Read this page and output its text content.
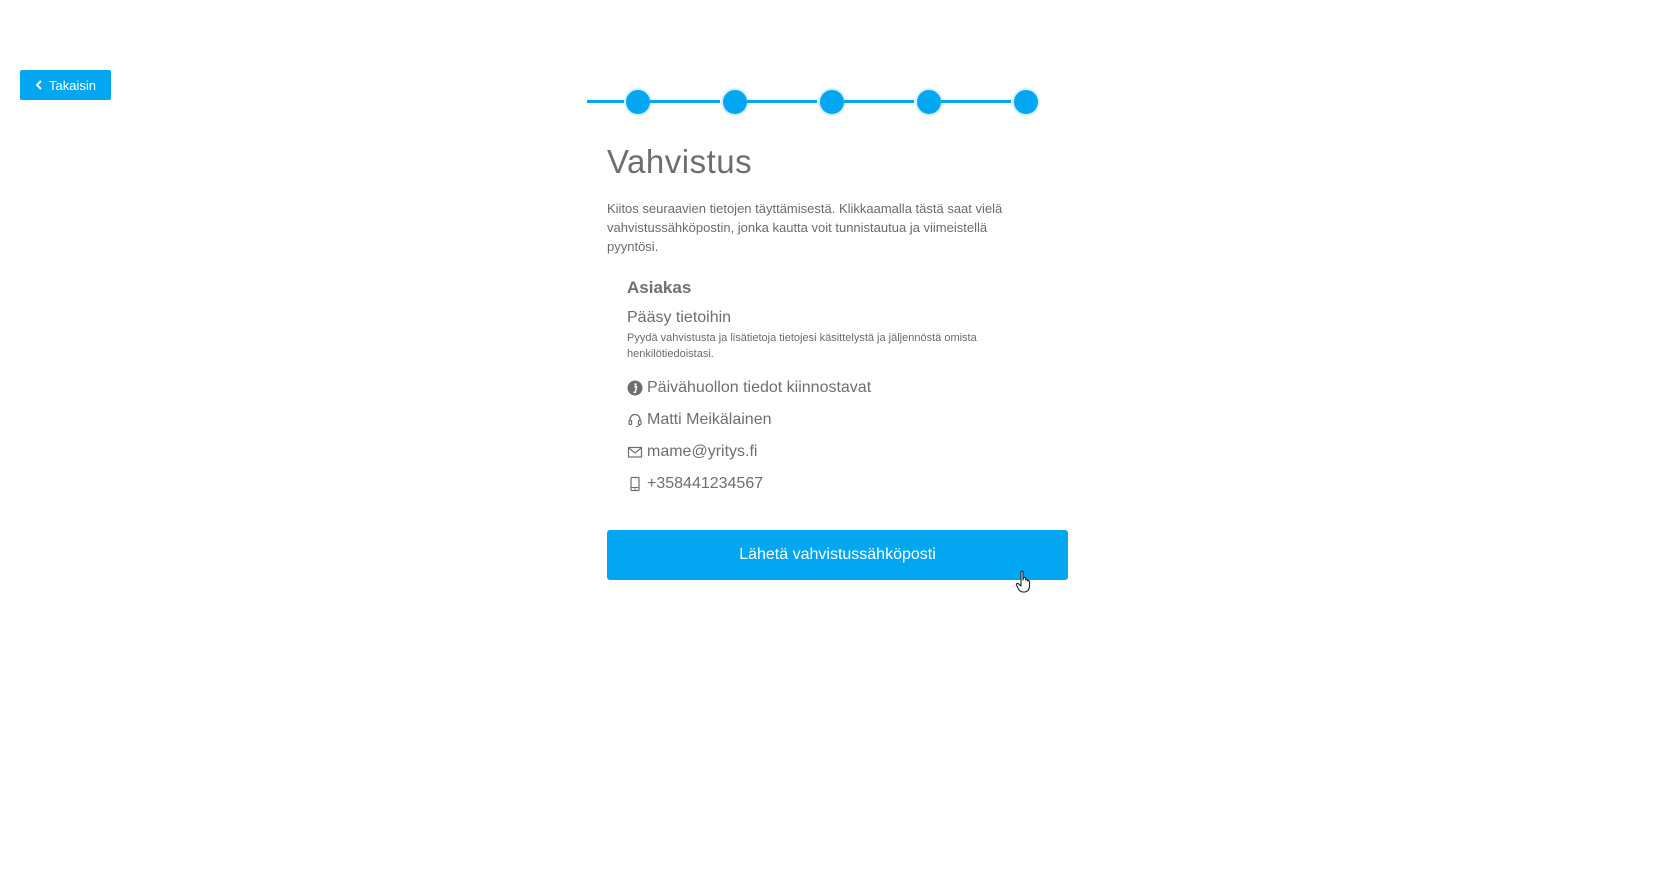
Takaisin
Vahvistus

Kiitos seuraavien tietojen täyttämisestä. Klikkaamalla tästä saat vielä vahvistussähköpostin, jonka kautta voit tunnistautua ja viimeistellä pyyntösi.

Asiakas
Pääsy tietoihin
Pyydä vahvistusta ja lisätietoja tietojesi käsittelystä ja jäljennöstä omista henkilötiedoistasi.
Päivähuollon tiedot kiinnostavat
Matti Meikälainen
mame@yritys.fi
+358441234567
Lähetä vahvistussähköposti
